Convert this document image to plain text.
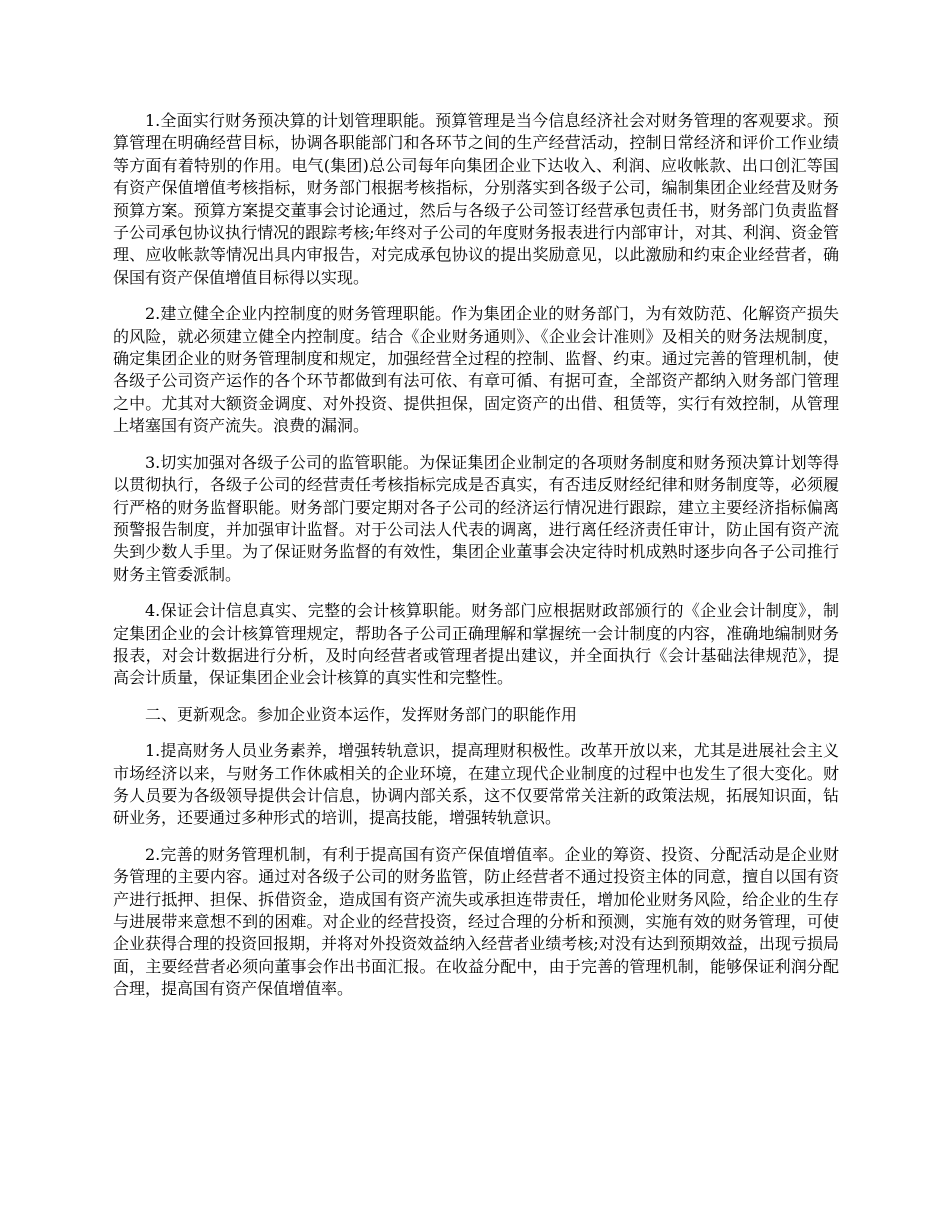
1.全面实行财务预决算的计划管理职能。预算管理是当今信息经济社会对财务管理的客观要求。预算管理在明确经营目标，协调各职能部门和各环节之间的生产经营活动，控制日常经济和评价工作业绩等方面有着特别的作用。电气(集团)总公司每年向集团企业下达收入、利润、应收帐款、出口创汇等国有资产保值增值考核指标，财务部门根据考核指标，分别落实到各级子公司，编制集团企业经营及财务预算方案。预算方案提交董事会讨论通过，然后与各级子公司签订经营承包责任书，财务部门负责监督子公司承包协议执行情况的跟踪考核;年终对子公司的年度财务报表进行内部审计，对其、利润、资金管理、应收帐款等情况出具内审报告，对完成承包协议的提出奖励意见，以此激励和约束企业经营者，确保国有资产保值增值目标得以实现。

2.建立健全企业内控制度的财务管理职能。作为集团企业的财务部门，为有效防范、化解资产损失的风险，就必须建立健全内控制度。结合《企业财务通则》、《企业会计准则》及相关的财务法规制度，确定集团企业的财务管理制度和规定，加强经营全过程的控制、监督、约束。通过完善的管理机制，使各级子公司资产运作的各个环节都做到有法可依、有章可循、有据可查，全部资产都纳入财务部门管理之中。尤其对大额资金调度、对外投资、提供担保，固定资产的出借、租赁等，实行有效控制，从管理上堵塞国有资产流失。浪费的漏洞。

3.切实加强对各级子公司的监管职能。为保证集团企业制定的各项财务制度和财务预决算计划等得以贯彻执行，各级子公司的经营责任考核指标完成是否真实，有否违反财经纪律和财务制度等，必须履行严格的财务监督职能。财务部门要定期对各子公司的经济运行情况进行跟踪，建立主要经济指标偏离预警报告制度，并加强审计监督。对于公司法人代表的调离，进行离任经济责任审计，防止国有资产流失到少数人手里。为了保证财务监督的有效性，集团企业董事会决定待时机成熟时逐步向各子公司推行财务主管委派制。

4.保证会计信息真实、完整的会计核算职能。财务部门应根据财政部颁行的《企业会计制度》，制定集团企业的会计核算管理规定，帮助各子公司正确理解和掌握统一会计制度的内容，准确地编制财务报表，对会计数据进行分析，及时向经营者或管理者提出建议，并全面执行《会计基础法律规范》，提高会计质量，保证集团企业会计核算的真实性和完整性。

二、更新观念。参加企业资本运作，发挥财务部门的职能作用

1.提高财务人员业务素养，增强转轨意识，提高理财积极性。改革开放以来，尤其是进展社会主义市场经济以来，与财务工作休戚相关的企业环境，在建立现代企业制度的过程中也发生了很大变化。财务人员要为各级领导提供会计信息，协调内部关系，这不仅要常常关注新的政策法规，拓展知识面，钻研业务，还要通过多种形式的培训，提高技能，增强转轨意识。

2.完善的财务管理机制，有利于提高国有资产保值增值率。企业的筹资、投资、分配活动是企业财务管理的主要内容。通过对各级子公司的财务监管，防止经营者不通过投资主体的同意，擅自以国有资产进行抵押、担保、拆借资金，造成国有资产流失或承担连带责任，增加伦业财务风险，给企业的生存与进展带来意想不到的困难。对企业的经营投资，经过合理的分析和预测，实施有效的财务管理，可使企业获得合理的投资回报期，并将对外投资效益纳入经营者业绩考核;对没有达到预期效益，出现亏损局面，主要经营者必须向董事会作出书面汇报。在收益分配中，由于完善的管理机制，能够保证利润分配合理，提高国有资产保值增值率。
